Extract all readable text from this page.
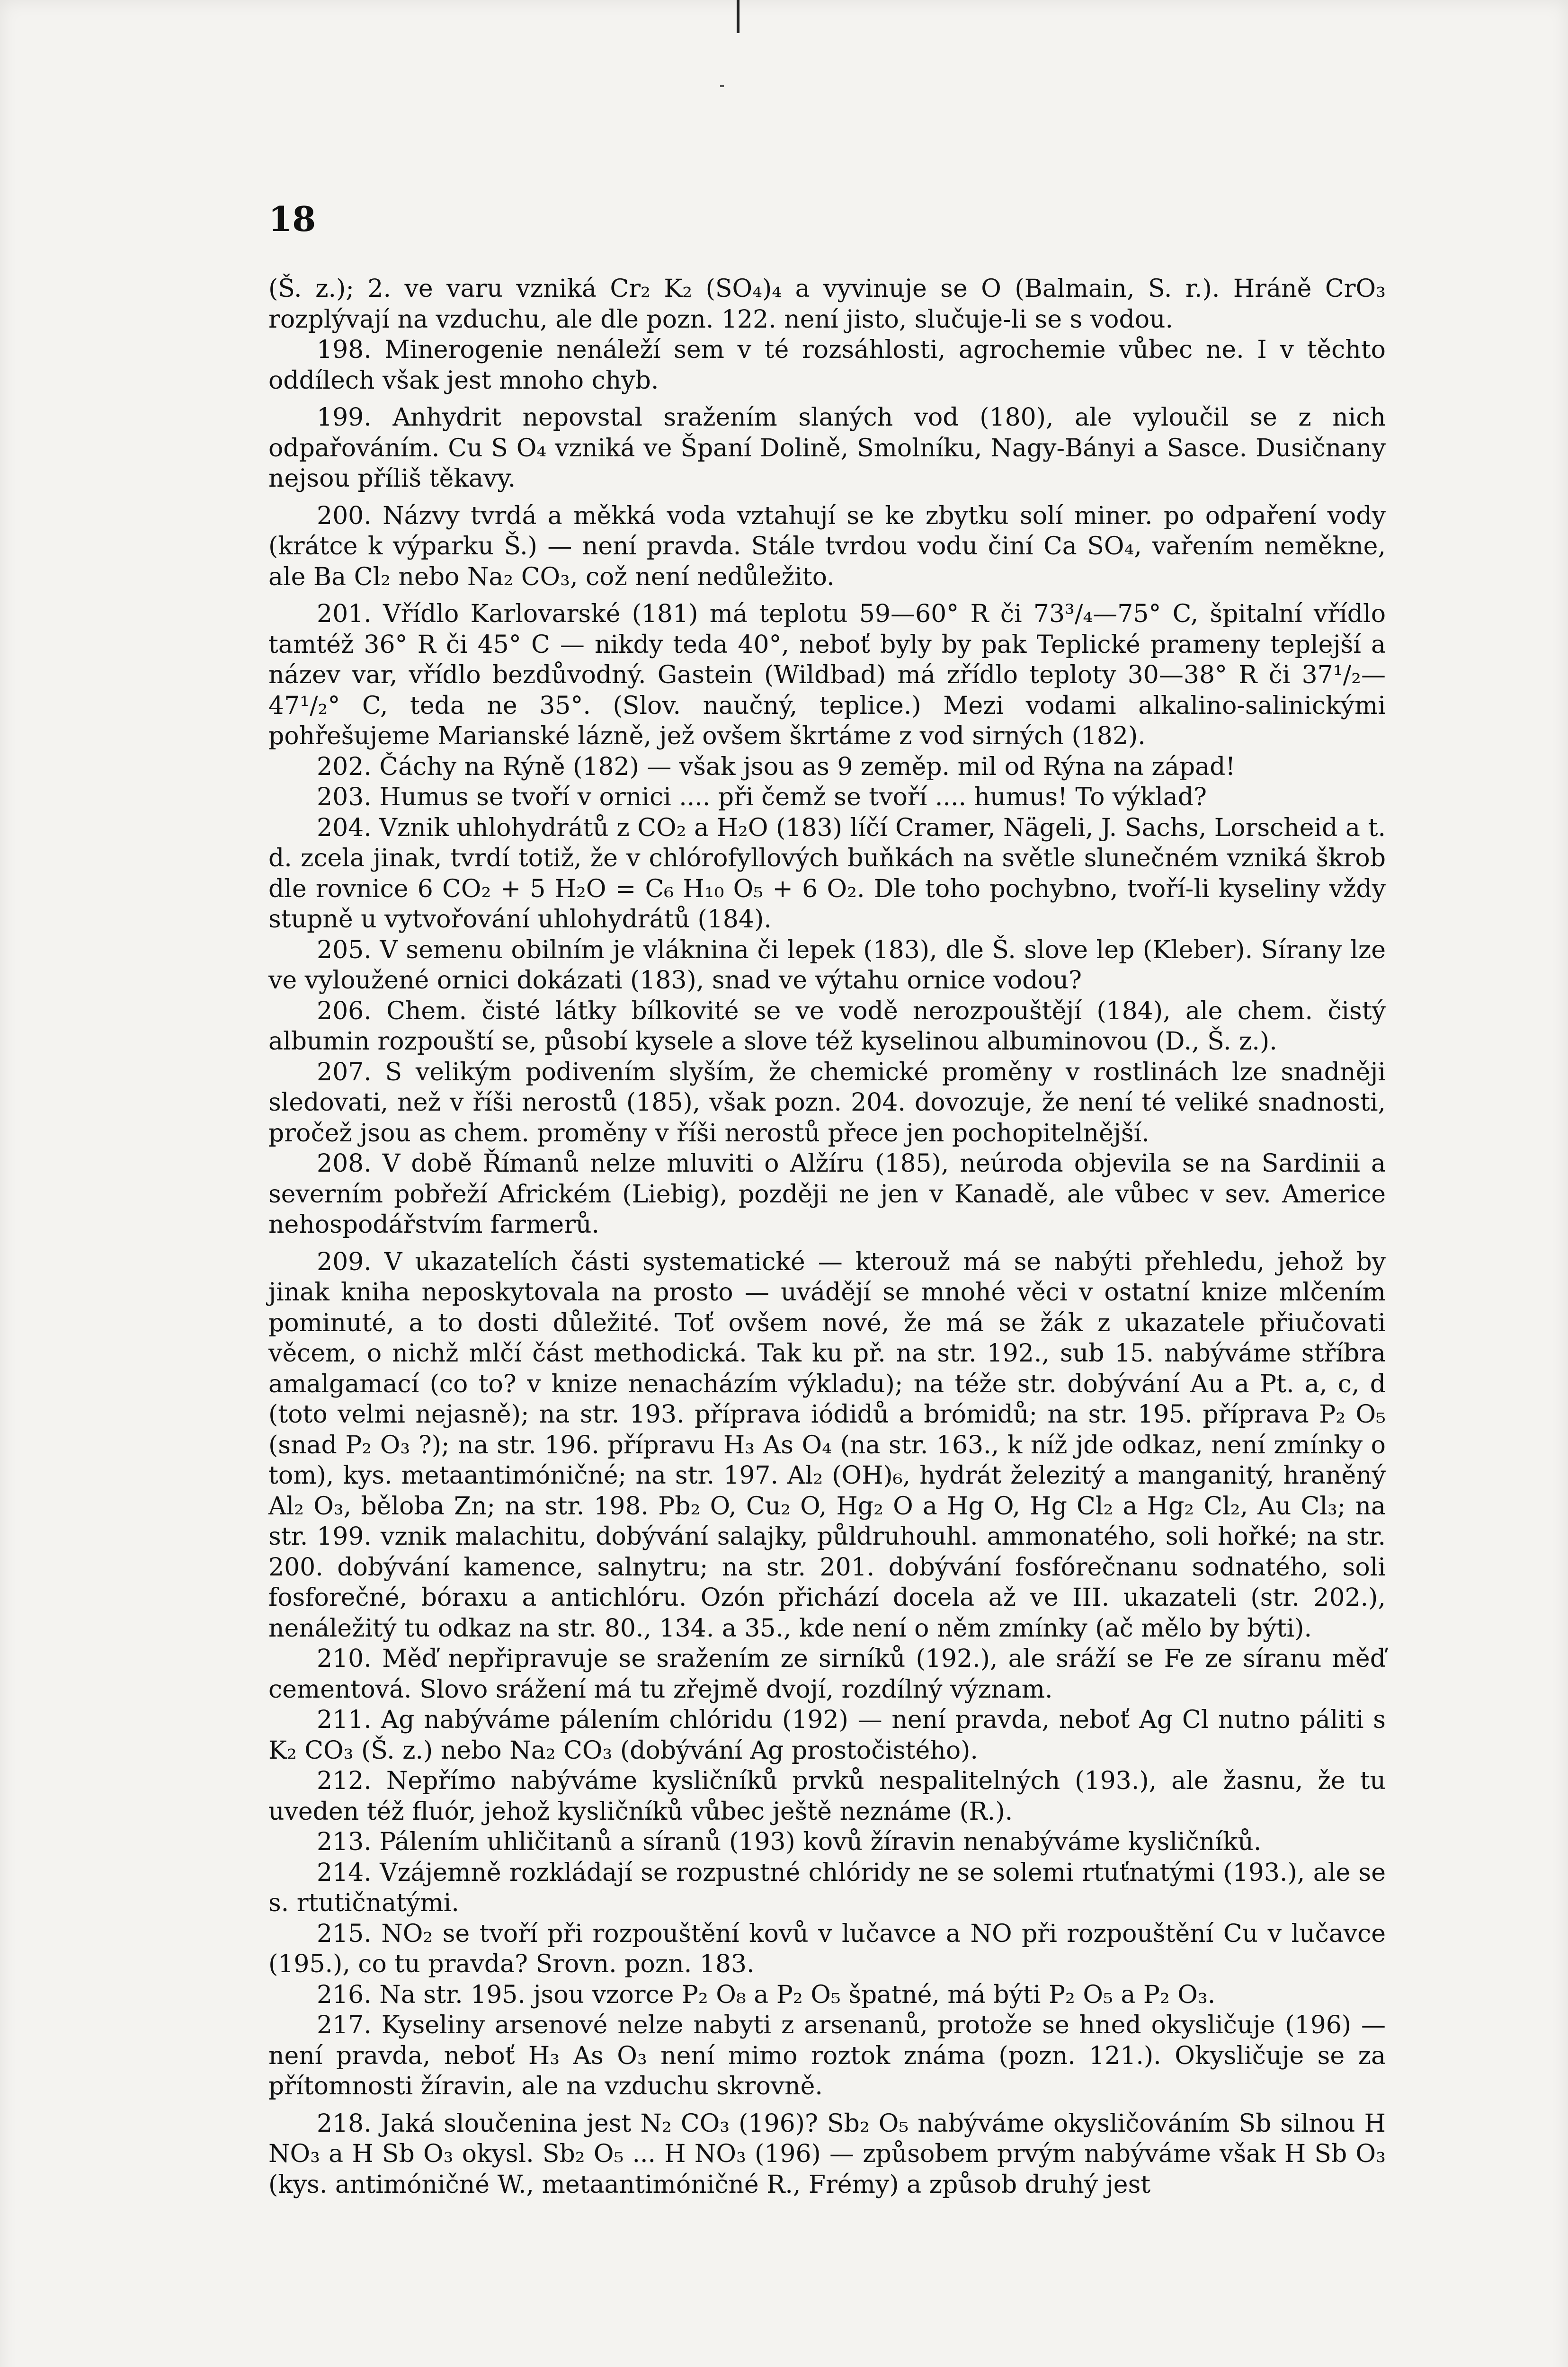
18

(Š. z.); 2. ve varu vzniká Cr₂ K₂ (SO₄)₄ a vyvinuje se O (Balmain, S. r.). Hráně CrO₃ rozplývají na vzduchu, ale dle pozn. 122. není jisto, slučuje-li se s vodou.

198. Minerogenie nenáleží sem v té rozsáhlosti, agrochemie vůbec ne. I v těchto oddílech však jest mnoho chyb.

199. Anhydrit nepovstal sražením slaných vod (180), ale vyloučil se z nich odpařováním. Cu S O₄ vzniká ve Španí Dolině, Smolníku, Nagy-Bányi a Sasce. Dusičnany nejsou příliš těkavy.

200. Názvy tvrdá a měkká voda vztahují se ke zbytku solí miner. po odpaření vody (krátce k výparku Š.) — není pravda. Stále tvrdou vodu činí Ca SO₄, vařením neměkne, ale Ba Cl₂ nebo Na₂ CO₃, což není nedůležito.

201. Vřídlo Karlovarské (181) má teplotu 59—60° R či 73³/₄—75° C, špitalní vřídlo tamtéž 36° R či 45° C — nikdy teda 40°, neboť byly by pak Teplické prameny teplejší a název var, vřídlo bezdůvodný. Gastein (Wildbad) má zřídlo teploty 30—38° R či 37¹/₂—47¹/₂° C, teda ne 35°. (Slov. naučný, teplice.) Mezi vodami alkalino-salinickými pohřešujeme Marianské lázně, jež ovšem škrtáme z vod sirných (182).

202. Čáchy na Rýně (182) — však jsou as 9 zeměp. mil od Rýna na západ!

203. Humus se tvoří v ornici .... při čemž se tvoří .... humus! To výklad?

204. Vznik uhlohydrátů z CO₂ a H₂O (183) líčí Cramer, Nägeli, J. Sachs, Lorscheid a t. d. zcela jinak, tvrdí totiž, že v chlórofyllových buňkách na světle slunečném vzniká škrob dle rovnice 6 CO₂ + 5 H₂O = C₆ H₁₀ O₅ + 6 O₂. Dle toho pochybno, tvoří-li kyseliny vždy stupně u vytvořování uhlohydrátů (184).

205. V semenu obilním je vláknina či lepek (183), dle Š. slove lep (Kleber). Sírany lze ve vyloužené ornici dokázati (183), snad ve výtahu ornice vodou?

206. Chem. čisté látky bílkovité se ve vodě nerozpouštějí (184), ale chem. čistý albumin rozpouští se, působí kysele a slove též kyselinou albuminovou (D., Š. z.).

207. S velikým podivením slyším, že chemické proměny v rostlinách lze snadněji sledovati, než v říši nerostů (185), však pozn. 204. dovozuje, že není té veliké snadnosti, pročež jsou as chem. proměny v říši nerostů přece jen pochopitelnější.

208. V době Římanů nelze mluviti o Alžíru (185), neúroda objevila se na Sardinii a severním pobřeží Africkém (Liebig), později ne jen v Kanadě, ale vůbec v sev. Americe nehospodářstvím farmerů.

209. V ukazatelích části systematické — kterouž má se nabýti přehledu, jehož by jinak kniha neposkytovala na prosto — uvádějí se mnohé věci v ostatní knize mlčením pominuté, a to dosti důležité. Toť ovšem nové, že má se žák z ukazatele přiučovati věcem, o nichž mlčí část methodická. Tak ku př. na str. 192., sub 15. nabýváme stříbra amalgamací (co to? v knize nenacházím výkladu); na téže str. dobývání Au a Pt. a, c, d (toto velmi nejasně); na str. 193. příprava iódidů a brómidů; na str. 195. příprava P₂ O₅ (snad P₂ O₃ ?); na str. 196. přípravu H₃ As O₄ (na str. 163., k níž jde odkaz, není zmínky o tom), kys. metaantimóničné; na str. 197. Al₂ (OH)₆, hydrát železitý a manganitý, hraněný Al₂ O₃, běloba Zn; na str. 198. Pb₂ O, Cu₂ O, Hg₂ O a Hg O, Hg Cl₂ a Hg₂ Cl₂, Au Cl₃; na str. 199. vznik malachitu, dobývání salajky, půldruhouhl. ammonatého, soli hořké; na str. 200. dobývání kamence, salnytru; na str. 201. dobývání fosfórečnanu sodnatého, soli fosforečné, bóraxu a antichlóru. Ozón přichází docela až ve III. ukazateli (str. 202.), nenáležitý tu odkaz na str. 80., 134. a 35., kde není o něm zmínky (ač mělo by býti).

210. Měď nepřipravuje se sražením ze sirníků (192.), ale sráží se Fe ze síranu měď cementová. Slovo srážení má tu zřejmě dvojí, rozdílný význam.

211. Ag nabýváme pálením chlóridu (192) — není pravda, neboť Ag Cl nutno páliti s K₂ CO₃ (Š. z.) nebo Na₂ CO₃ (dobývání Ag prostočistého).

212. Nepřímo nabýváme kysličníků prvků nespalitelných (193.), ale žasnu, že tu uveden též fluór, jehož kysličníků vůbec ještě neznáme (R.).

213. Pálením uhličitanů a síranů (193) kovů žíravin nenabýváme kysličníků.

214. Vzájemně rozkládají se rozpustné chlóridy ne se solemi rtuťnatými (193.), ale se s. rtutičnatými.

215. NO₂ se tvoří při rozpouštění kovů v lučavce a NO při rozpouštění Cu v lučavce (195.), co tu pravda? Srovn. pozn. 183.

216. Na str. 195. jsou vzorce P₂ O₈ a P₂ O₅ špatné, má býti P₂ O₅ a P₂ O₃.

217. Kyseliny arsenové nelze nabyti z arsenanů, protože se hned okysličuje (196) — není pravda, neboť H₃ As O₃ není mimo roztok známa (pozn. 121.). Okysličuje se za přítomnosti žíravin, ale na vzduchu skrovně.

218. Jaká sloučenina jest N₂ CO₃ (196)? Sb₂ O₅ nabýváme okysličováním Sb silnou H NO₃ a H Sb O₃ okysl. Sb₂ O₅ ... H NO₃ (196) — způsobem prvým nabýváme však H Sb O₃ (kys. antimóničné W., metaantimóničné R., Frémy) a způsob druhý jest
